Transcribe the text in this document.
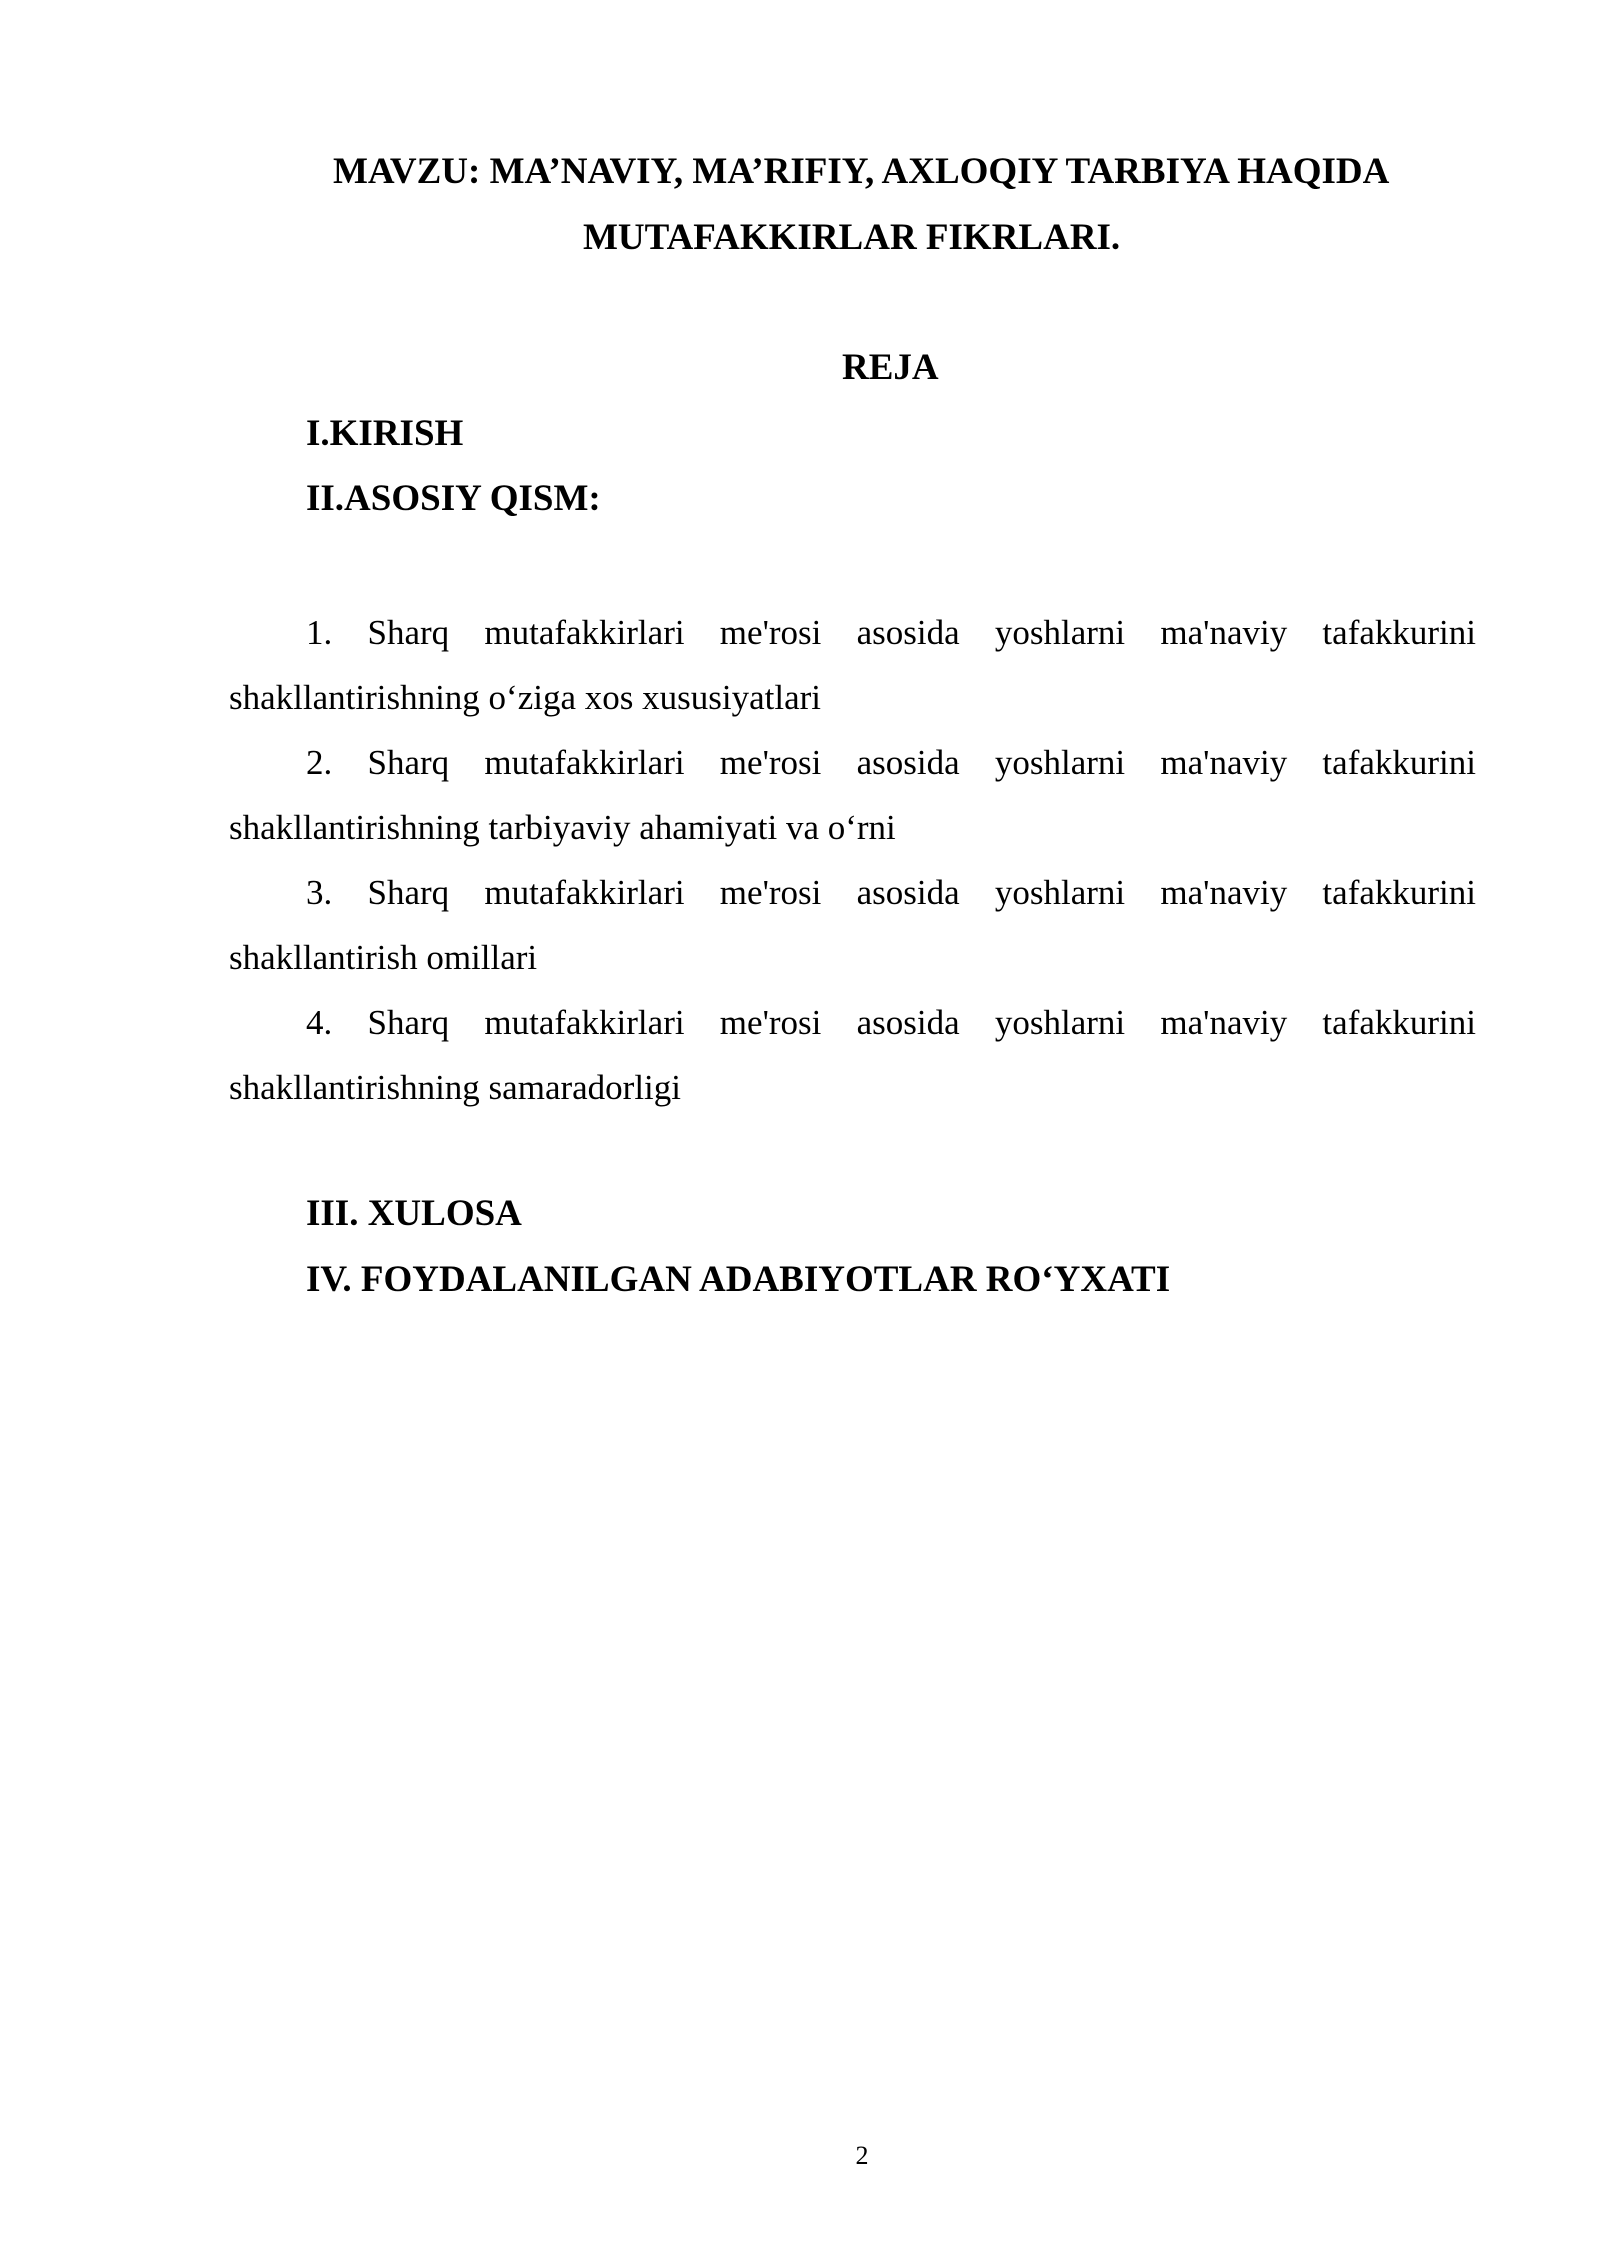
MAVZU: MA’NAVIY, MA’RIFIY, AXLOQIY TARBIYA HAQIDA
MUTAFAKKIRLAR FIKRLARI.
REJA
I.KIRISH
II.ASOSIY QISM:
1. Sharq mutafakkirlari me'rosi asosida yoshlarni ma'naviy tafakkurini
shakllantirishning o‘ziga xos xususiyatlari
2. Sharq mutafakkirlari me'rosi asosida yoshlarni ma'naviy tafakkurini
shakllantirishning tarbiyaviy ahamiyati va o‘rni
3. Sharq mutafakkirlari me'rosi asosida yoshlarni ma'naviy tafakkurini
shakllantirish omillari
4. Sharq mutafakkirlari me'rosi asosida yoshlarni ma'naviy tafakkurini
shakllantirishning samaradorligi
III. XULOSA
IV. FOYDALANILGAN ADABIYOTLAR RO‘YXATI
2
